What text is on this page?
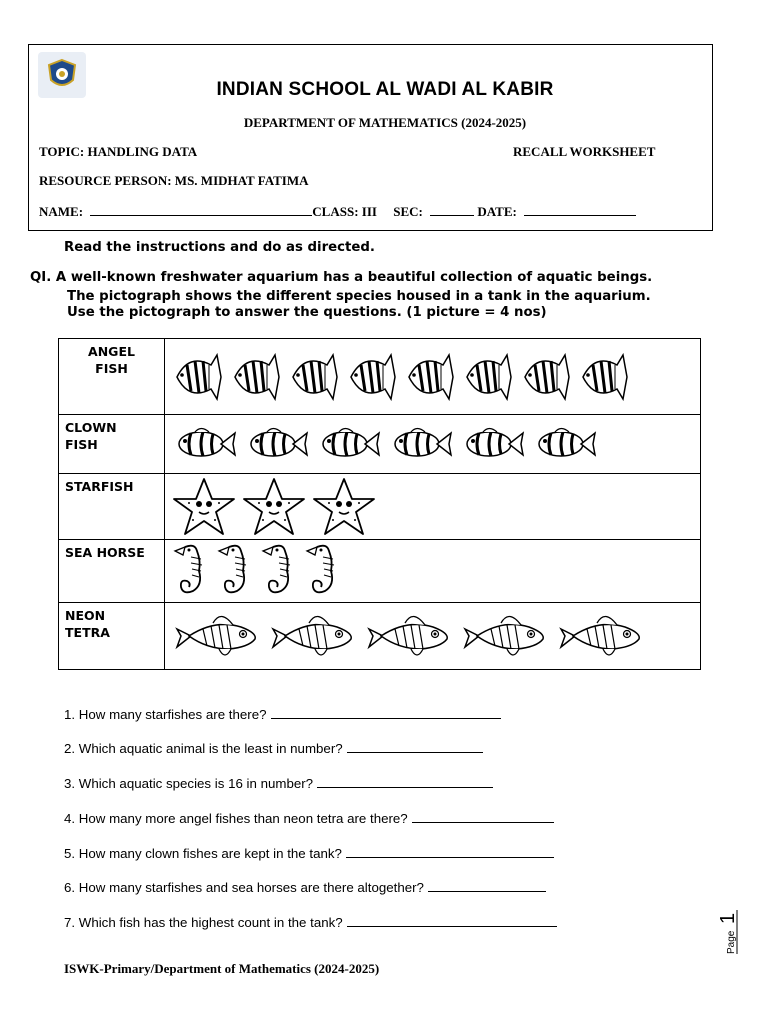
INDIAN SCHOOL AL WADI AL KABIR
DEPARTMENT OF MATHEMATICS (2024-2025)
TOPIC: HANDLING DATA	RECALL WORKSHEET
RESOURCE PERSON: MS. MIDHAT FATIMA
NAME:	CLASS: III SEC:	DATE:
Read the instructions and do as directed.
QI. A well-known freshwater aquarium has a beautiful collection of aquatic beings.
The pictograph shows the different species housed in a tank in the aquarium.
Use the pictograph to answer the questions. (1 picture = 4 nos)
ANGEL
FISH	

CLOWN
FISH	

STARFISH	

SEA HORSE	

NEON
TETRA	
1. How many starfishes are there?
2. Which aquatic animal is the least in number?
3. Which aquatic species is 16 in number?
4. How many more angel fishes than neon tetra are there?
5. How many clown fishes are kept in the tank?
6. How many starfishes and sea horses are there altogether?
7. Which fish has the highest count in the tank?
ISWK-Primary/Department of Mathematics (2024-2025)
Page
1
